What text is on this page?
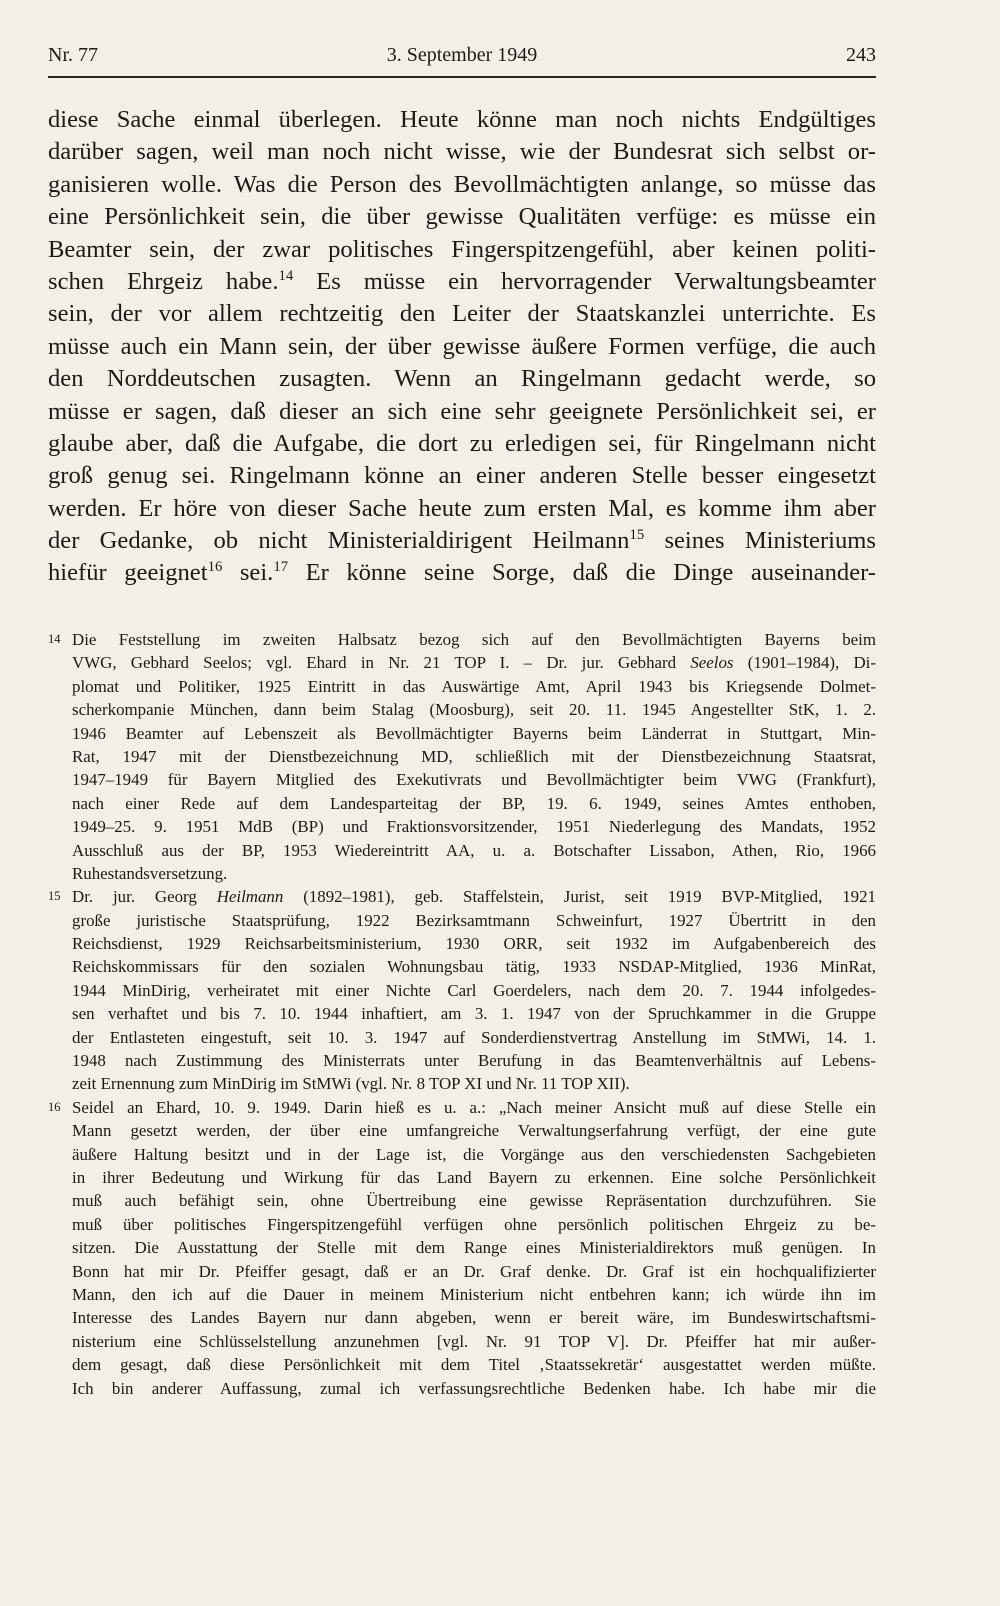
Nr. 77	3. September 1949	243
diese Sache einmal überlegen. Heute könne man noch nichts Endgültiges
darüber sagen, weil man noch nicht wisse, wie der Bundesrat sich selbst or-
ganisieren wolle. Was die Person des Bevollmächtigten anlange, so müsse das
eine Persönlichkeit sein, die über gewisse Qualitäten verfüge: es müsse ein
Beamter sein, der zwar politisches Fingerspitzengefühl, aber keinen politi-
schen Ehrgeiz habe.$^{14}$ Es müsse ein hervorragender Verwaltungsbeamter
sein, der vor allem rechtzeitig den Leiter der Staatskanzlei unterrichte. Es
müsse auch ein Mann sein, der über gewisse äußere Formen verfüge, die auch
den Norddeutschen zusagten. Wenn an Ringelmann gedacht werde, so
müsse er sagen, daß dieser an sich eine sehr geeignete Persönlichkeit sei, er
glaube aber, daß die Aufgabe, die dort zu erledigen sei, für Ringelmann nicht
groß genug sei. Ringelmann könne an einer anderen Stelle besser eingesetzt
werden. Er höre von dieser Sache heute zum ersten Mal, es komme ihm aber
der Gedanke, ob nicht Ministerialdirigent Heilmann$^{15}$ seines Ministeriums
hiefür geeignet$^{16}$ sei.$^{17}$ Er könne seine Sorge, daß die Dinge auseinander-
14 Die Feststellung im zweiten Halbsatz bezog sich auf den Bevollmächtigten Bayerns beim
VWG, Gebhard Seelos; vgl. Ehard in Nr. 21 TOP I. – Dr. jur. Gebhard Seelos (1901–1984), Di-
plomat und Politiker, 1925 Eintritt in das Auswärtige Amt, April 1943 bis Kriegsende Dolmet-
scherkompanie München, dann beim Stalag (Moosburg), seit 20. 11. 1945 Angestellter StK, 1. 2.
1946 Beamter auf Lebenszeit als Bevollmächtigter Bayerns beim Länderrat in Stuttgart, Min-
Rat, 1947 mit der Dienstbezeichnung MD, schließlich mit der Dienstbezeichnung Staatsrat,
1947–1949 für Bayern Mitglied des Exekutivrats und Bevollmächtigter beim VWG (Frankfurt),
nach einer Rede auf dem Landesparteitag der BP, 19. 6. 1949, seines Amtes enthoben,
1949–25. 9. 1951 MdB (BP) und Fraktionsvorsitzender, 1951 Niederlegung des Mandats, 1952
Ausschluß aus der BP, 1953 Wiedereintritt AA, u. a. Botschafter Lissabon, Athen, Rio, 1966
Ruhestandsversetzung.
15 Dr. jur. Georg Heilmann (1892–1981), geb. Staffelstein, Jurist, seit 1919 BVP-Mitglied, 1921
große juristische Staatsprüfung, 1922 Bezirksamtmann Schweinfurt, 1927 Übertritt in den
Reichsdienst, 1929 Reichsarbeitsministerium, 1930 ORR, seit 1932 im Aufgabenbereich des
Reichskommissars für den sozialen Wohnungsbau tätig, 1933 NSDAP-Mitglied, 1936 MinRat,
1944 MinDirig, verheiratet mit einer Nichte Carl Goerdelers, nach dem 20. 7. 1944 infolgedes-
sen verhaftet und bis 7. 10. 1944 inhaftiert, am 3. 1. 1947 von der Spruchkammer in die Gruppe
der Entlasteten eingestuft, seit 10. 3. 1947 auf Sonderdienstvertrag Anstellung im StMWi, 14. 1.
1948 nach Zustimmung des Ministerrats unter Berufung in das Beamtenverhältnis auf Lebens-
zeit Ernennung zum MinDirig im StMWi (vgl. Nr. 8 TOP XI und Nr. 11 TOP XII).
16 Seidel an Ehard, 10. 9. 1949. Darin hieß es u. a.: „Nach meiner Ansicht muß auf diese Stelle ein
Mann gesetzt werden, der über eine umfangreiche Verwaltungserfahrung verfügt, der eine gute
äußere Haltung besitzt und in der Lage ist, die Vorgänge aus den verschiedensten Sachgebieten
in ihrer Bedeutung und Wirkung für das Land Bayern zu erkennen. Eine solche Persönlichkeit
muß auch befähigt sein, ohne Übertreibung eine gewisse Repräsentation durchzuführen. Sie
muß über politisches Fingerspitzengefühl verfügen ohne persönlich politischen Ehrgeiz zu be-
sitzen. Die Ausstattung der Stelle mit dem Range eines Ministerialdirektors muß genügen. In
Bonn hat mir Dr. Pfeiffer gesagt, daß er an Dr. Graf denke. Dr. Graf ist ein hochqualifizierter
Mann, den ich auf die Dauer in meinem Ministerium nicht entbehren kann; ich würde ihn im
Interesse des Landes Bayern nur dann abgeben, wenn er bereit wäre, im Bundeswirtschaftsmi-
nisterium eine Schlüsselstellung anzunehmen [vgl. Nr. 91 TOP V]. Dr. Pfeiffer hat mir außer-
dem gesagt, daß diese Persönlichkeit mit dem Titel ‚Staatssekretär‘ ausgestattet werden müßte.
Ich bin anderer Auffassung, zumal ich verfassungsrechtliche Bedenken habe. Ich habe mir die
